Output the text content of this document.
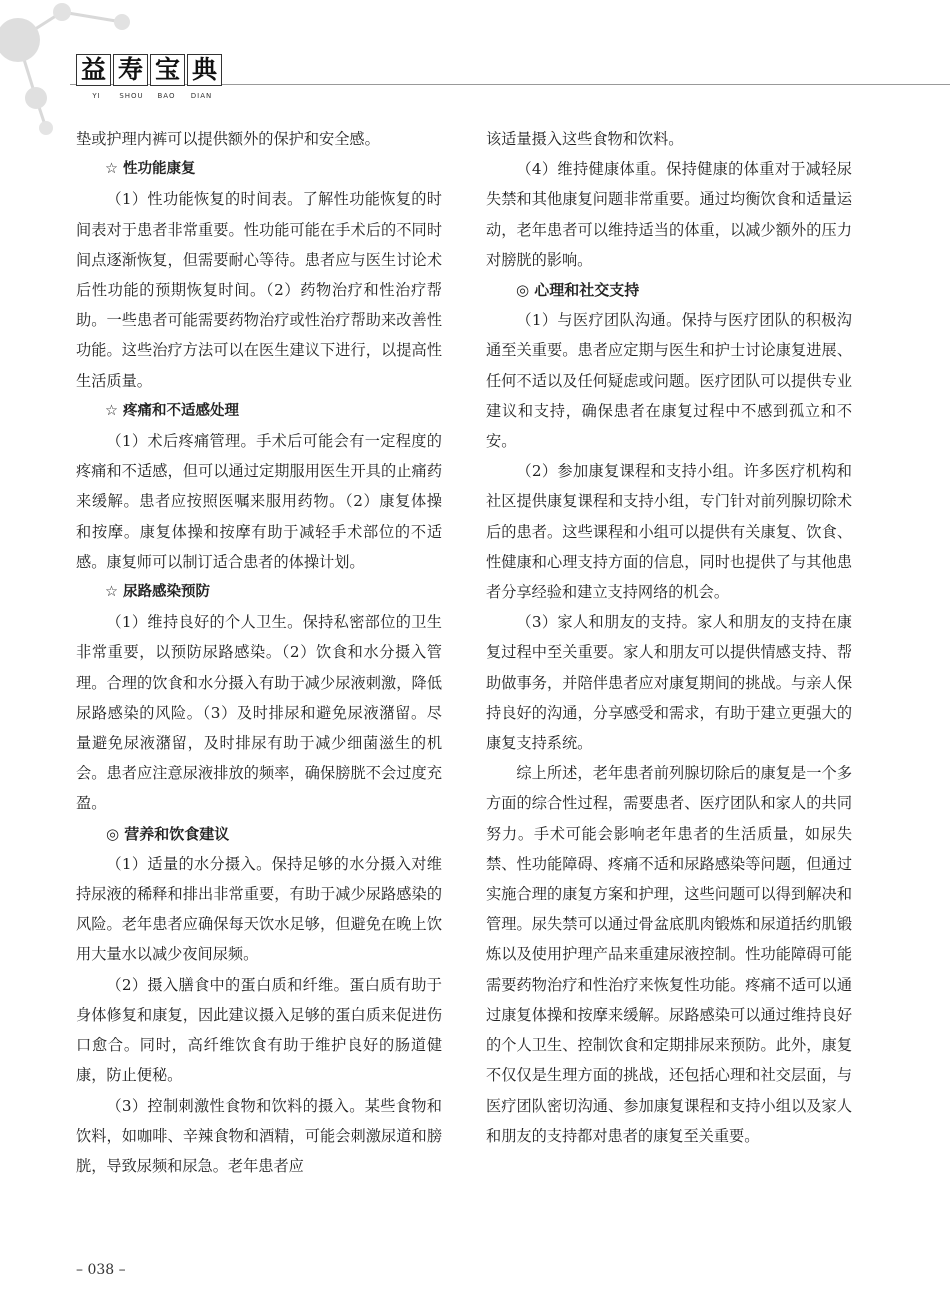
益 寿 宝 典
YI	SHOU	BAO	DIAN

垫或护理内裤可以提供额外的保护和安全感。

☆ 性功能康复

（1）性功能恢复的时间表。了解性功能恢复的时间表对于患者非常重要。性功能可能在手术后的不同时间点逐渐恢复，但需要耐心等待。患者应与医生讨论术后性功能的预期恢复时间。（2）药物治疗和性治疗帮助。一些患者可能需要药物治疗或性治疗帮助来改善性功能。这些治疗方法可以在医生建议下进行，以提高性生活质量。

☆ 疼痛和不适感处理

（1）术后疼痛管理。手术后可能会有一定程度的疼痛和不适感，但可以通过定期服用医生开具的止痛药来缓解。患者应按照医嘱来服用药物。（2）康复体操和按摩。康复体操和按摩有助于减轻手术部位的不适感。康复师可以制订适合患者的体操计划。

☆ 尿路感染预防

（1）维持良好的个人卫生。保持私密部位的卫生非常重要，以预防尿路感染。（2）饮食和水分摄入管理。合理的饮食和水分摄入有助于减少尿液刺激，降低尿路感染的风险。（3）及时排尿和避免尿液潴留。尽量避免尿液潴留，及时排尿有助于减少细菌滋生的机会。患者应注意尿液排放的频率，确保膀胱不会过度充盈。

◎ 营养和饮食建议

（1）适量的水分摄入。保持足够的水分摄入对维持尿液的稀释和排出非常重要，有助于减少尿路感染的风险。老年患者应确保每天饮水足够，但避免在晚上饮用大量水以减少夜间尿频。

（2）摄入膳食中的蛋白质和纤维。蛋白质有助于身体修复和康复，因此建议摄入足够的蛋白质来促进伤口愈合。同时，高纤维饮食有助于维护良好的肠道健康，防止便秘。

（3）控制刺激性食物和饮料的摄入。某些食物和饮料，如咖啡、辛辣食物和酒精，可能会刺激尿道和膀胱，导致尿频和尿急。老年患者应

该适量摄入这些食物和饮料。

（4）维持健康体重。保持健康的体重对于减轻尿失禁和其他康复问题非常重要。通过均衡饮食和适量运动，老年患者可以维持适当的体重，以减少额外的压力对膀胱的影响。

◎ 心理和社交支持

（1）与医疗团队沟通。保持与医疗团队的积极沟通至关重要。患者应定期与医生和护士讨论康复进展、任何不适以及任何疑虑或问题。医疗团队可以提供专业建议和支持，确保患者在康复过程中不感到孤立和不安。

（2）参加康复课程和支持小组。许多医疗机构和社区提供康复课程和支持小组，专门针对前列腺切除术后的患者。这些课程和小组可以提供有关康复、饮食、性健康和心理支持方面的信息，同时也提供了与其他患者分享经验和建立支持网络的机会。

（3）家人和朋友的支持。家人和朋友的支持在康复过程中至关重要。家人和朋友可以提供情感支持、帮助做事务，并陪伴患者应对康复期间的挑战。与亲人保持良好的沟通，分享感受和需求，有助于建立更强大的康复支持系统。

综上所述，老年患者前列腺切除后的康复是一个多方面的综合性过程，需要患者、医疗团队和家人的共同努力。手术可能会影响老年患者的生活质量，如尿失禁、性功能障碍、疼痛不适和尿路感染等问题，但通过实施合理的康复方案和护理，这些问题可以得到解决和管理。尿失禁可以通过骨盆底肌肉锻炼和尿道括约肌锻炼以及使用护理产品来重建尿液控制。性功能障碍可能需要药物治疗和性治疗来恢复性功能。疼痛不适可以通过康复体操和按摩来缓解。尿路感染可以通过维持良好的个人卫生、控制饮食和定期排尿来预防。此外，康复不仅仅是生理方面的挑战，还包括心理和社交层面，与医疗团队密切沟通、参加康复课程和支持小组以及家人和朋友的支持都对患者的康复至关重要。

– 038 –
